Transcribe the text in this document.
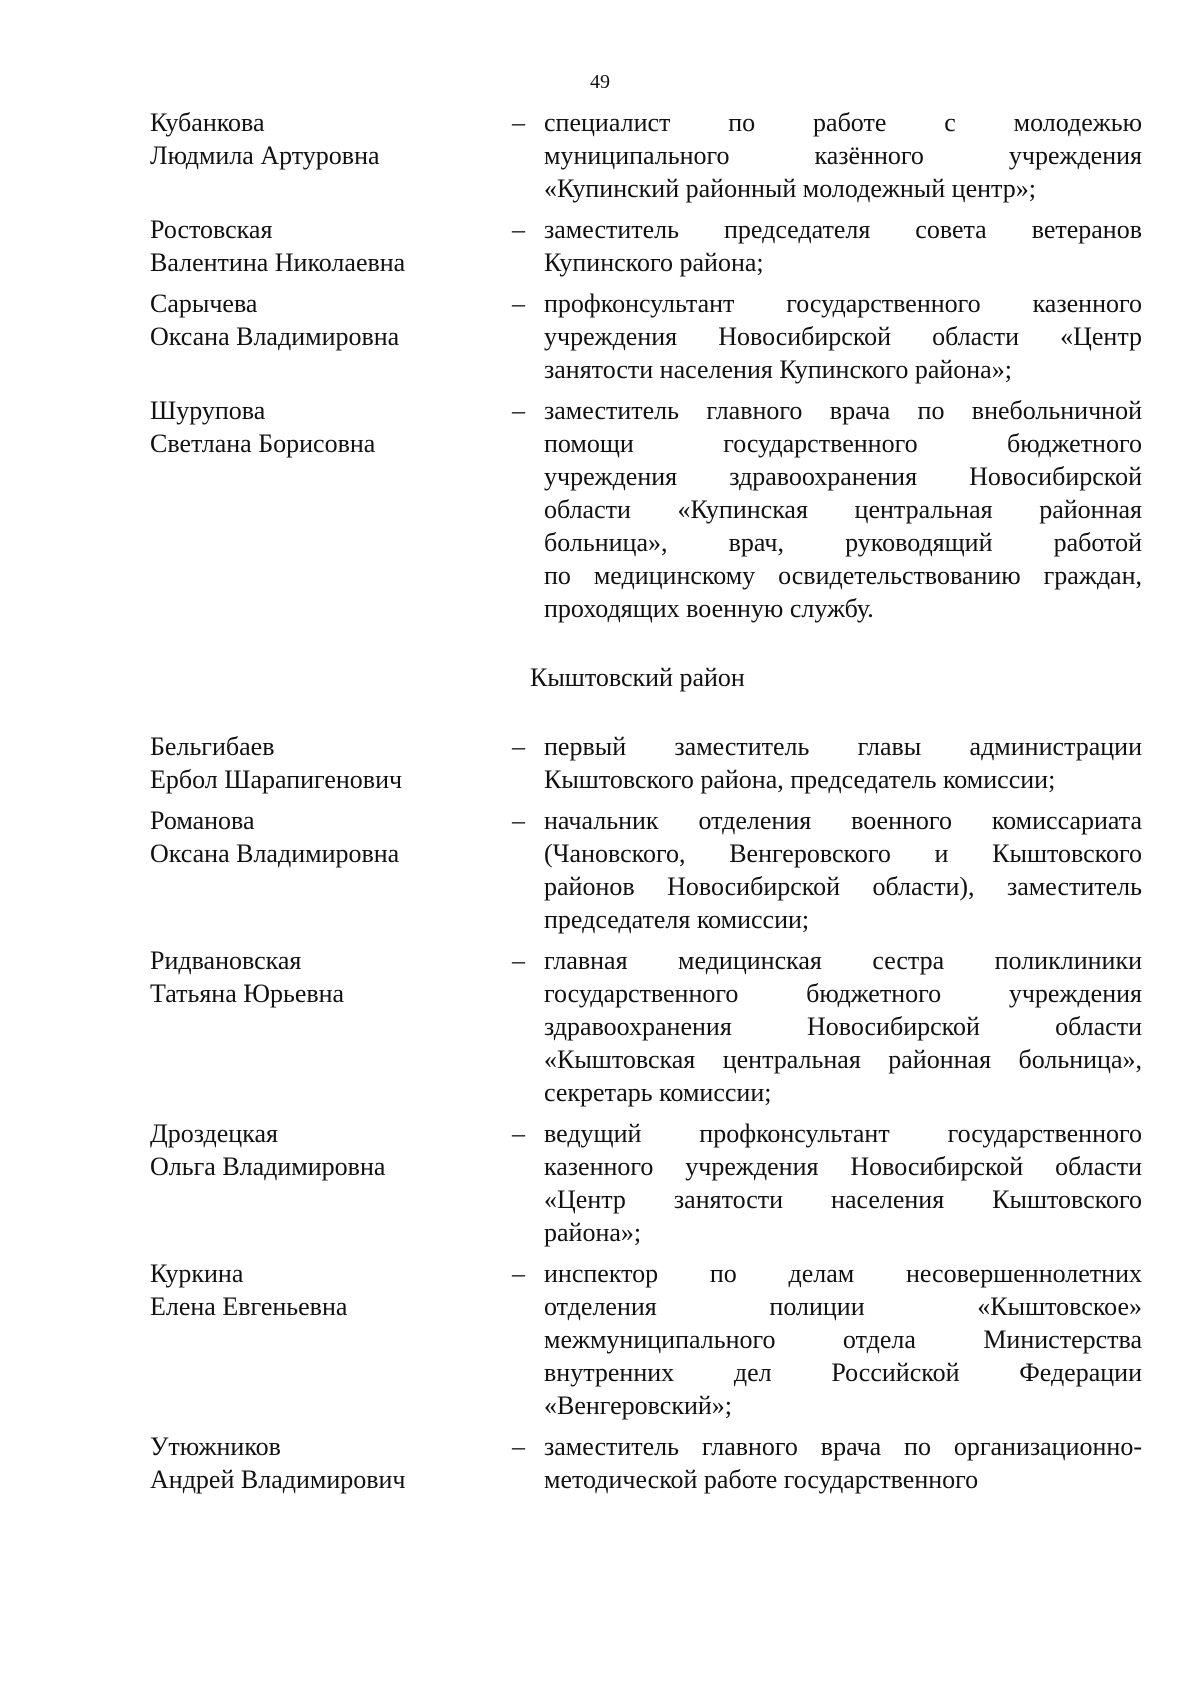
49
Кубанкова
Людмила Артуровна
– специалист по работе с молодежью
муниципального казённого учреждения
«Купинский районный молодежный центр»;
Ростовская
Валентина Николаевна
– заместитель председателя совета ветеранов
Купинского района;
Сарычева
Оксана Владимировна
– профконсультант государственного казенного
учреждения Новосибирской области «Центр
занятости населения Купинского района»;
Шурупова
Светлана Борисовна
– заместитель главного врача по внебольничной
помощи государственного бюджетного
учреждения здравоохранения Новосибирской
области «Купинская центральная районная
больница», врач, руководящий работой
по медицинскому освидетельствованию граждан,
проходящих военную службу.
Кыштовский район
Бельгибаев
Ербол Шарапигенович
– первый заместитель главы администрации
Кыштовского района, председатель комиссии;
Романова
Оксана Владимировна
– начальник отделения военного комиссариата
(Чановского, Венгеровского и Кыштовского
районов Новосибирской области), заместитель
председателя комиссии;
Ридвановская
Татьяна Юрьевна
– главная медицинская сестра поликлиники
государственного бюджетного учреждения
здравоохранения Новосибирской области
«Кыштовская центральная районная больница»,
секретарь комиссии;
Дроздецкая
Ольга Владимировна
– ведущий профконсультант государственного
казенного учреждения Новосибирской области
«Центр занятости населения Кыштовского
района»;
Куркина
Елена Евгеньевна
– инспектор по делам несовершеннолетних
отделения полиции «Кыштовское»
межмуниципального отдела Министерства
внутренних дел Российской Федерации
«Венгеровский»;
Утюжников
Андрей Владимирович
– заместитель главного врача по организационно-
методической работе государственного
